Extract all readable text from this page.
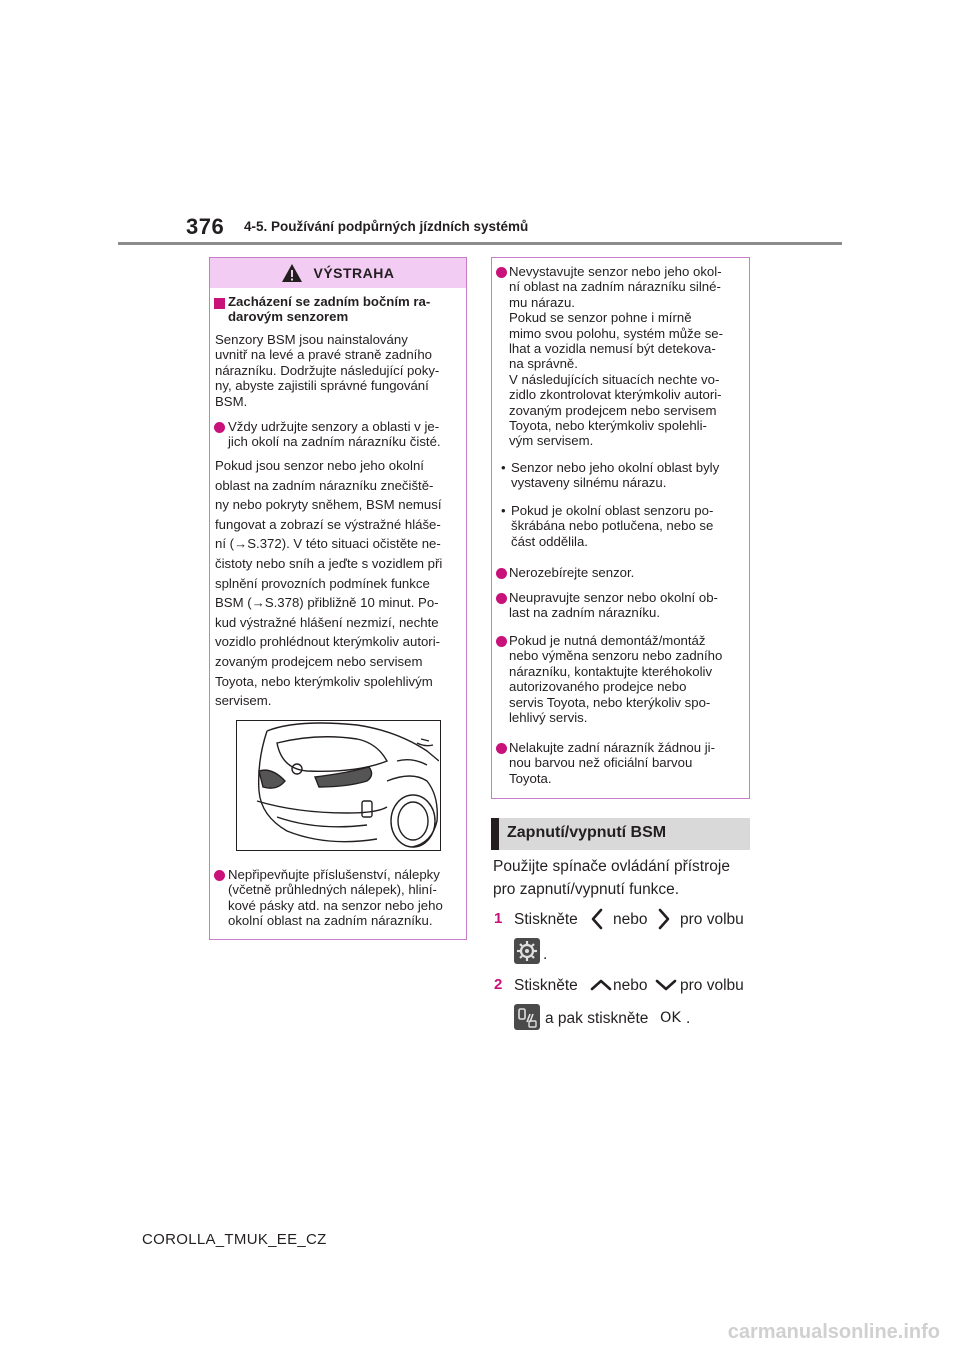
376 4-5. Používání podpůrných jízdních systémů
VÝSTRAHA
Zacházení se zadním bočním ra-
darovým senzorem
Senzory BSM jsou nainstalovány
uvnitř na levé a pravé straně zadního
nárazníku. Dodržujte následující poky-
ny, abyste zajistili správné fungování
BSM.
Vždy udržujte senzory a oblasti v je-
jich okolí na zadním nárazníku čisté.
Pokud jsou senzor nebo jeho okolní
oblast na zadním nárazníku znečiště-
ny nebo pokryty sněhem, BSM nemusí
fungovat a zobrazí se výstražné hláše-
ní (→S.372). V této situaci očistěte ne-
čistoty nebo sníh a jeďte s vozidlem při
splnění provozních podmínek funkce
BSM (→S.378) přibližně 10 minut. Po-
kud výstražné hlášení nezmizí, nechte
vozidlo prohlédnout kterýmkoliv autori-
zovaným prodejcem nebo servisem
Toyota, nebo kterýmkoliv spolehlivým
servisem.
Nepřipevňujte příslušenství, nálepky
(včetně průhledných nálepek), hliní-
kové pásky atd. na senzor nebo jeho
okolní oblast na zadním nárazníku.
Nevystavujte senzor nebo jeho okol-
ní oblast na zadním nárazníku silné-
mu nárazu.
Pokud se senzor pohne i mírně
mimo svou polohu, systém může se-
lhat a vozidla nemusí být detekova-
na správně.
V následujících situacích nechte vo-
zidlo zkontrolovat kterýmkoliv autori-
zovaným prodejcem nebo servisem
Toyota, nebo kterýmkoliv spolehli-
vým servisem.
• Senzor nebo jeho okolní oblast byly
vystaveny silnému nárazu.
• Pokud je okolní oblast senzoru po-
škrábána nebo potlučena, nebo se
část oddělila.
Nerozebírejte senzor.
Neupravujte senzor nebo okolní ob-
last na zadním nárazníku.
Pokud je nutná demontáž/montáž
nebo výměna senzoru nebo zadního
nárazníku, kontaktujte kteréhokoliv
autorizovaného prodejce nebo
servis Toyota, nebo kterýkoliv spo-
lehlivý servis.
Nelakujte zadní nárazník žádnou ji-
nou barvou než oficiální barvou
Toyota.
Zapnutí/vypnutí BSM
Použijte spínače ovládání přístroje
pro zapnutí/vypnutí funkce.
1 Stiskněte nebo pro volbu
.
2 Stiskněte nebo pro volbu
a pak stiskněte OK .
COROLLA_TMUK_EE_CZ
carmanualsonline.info
